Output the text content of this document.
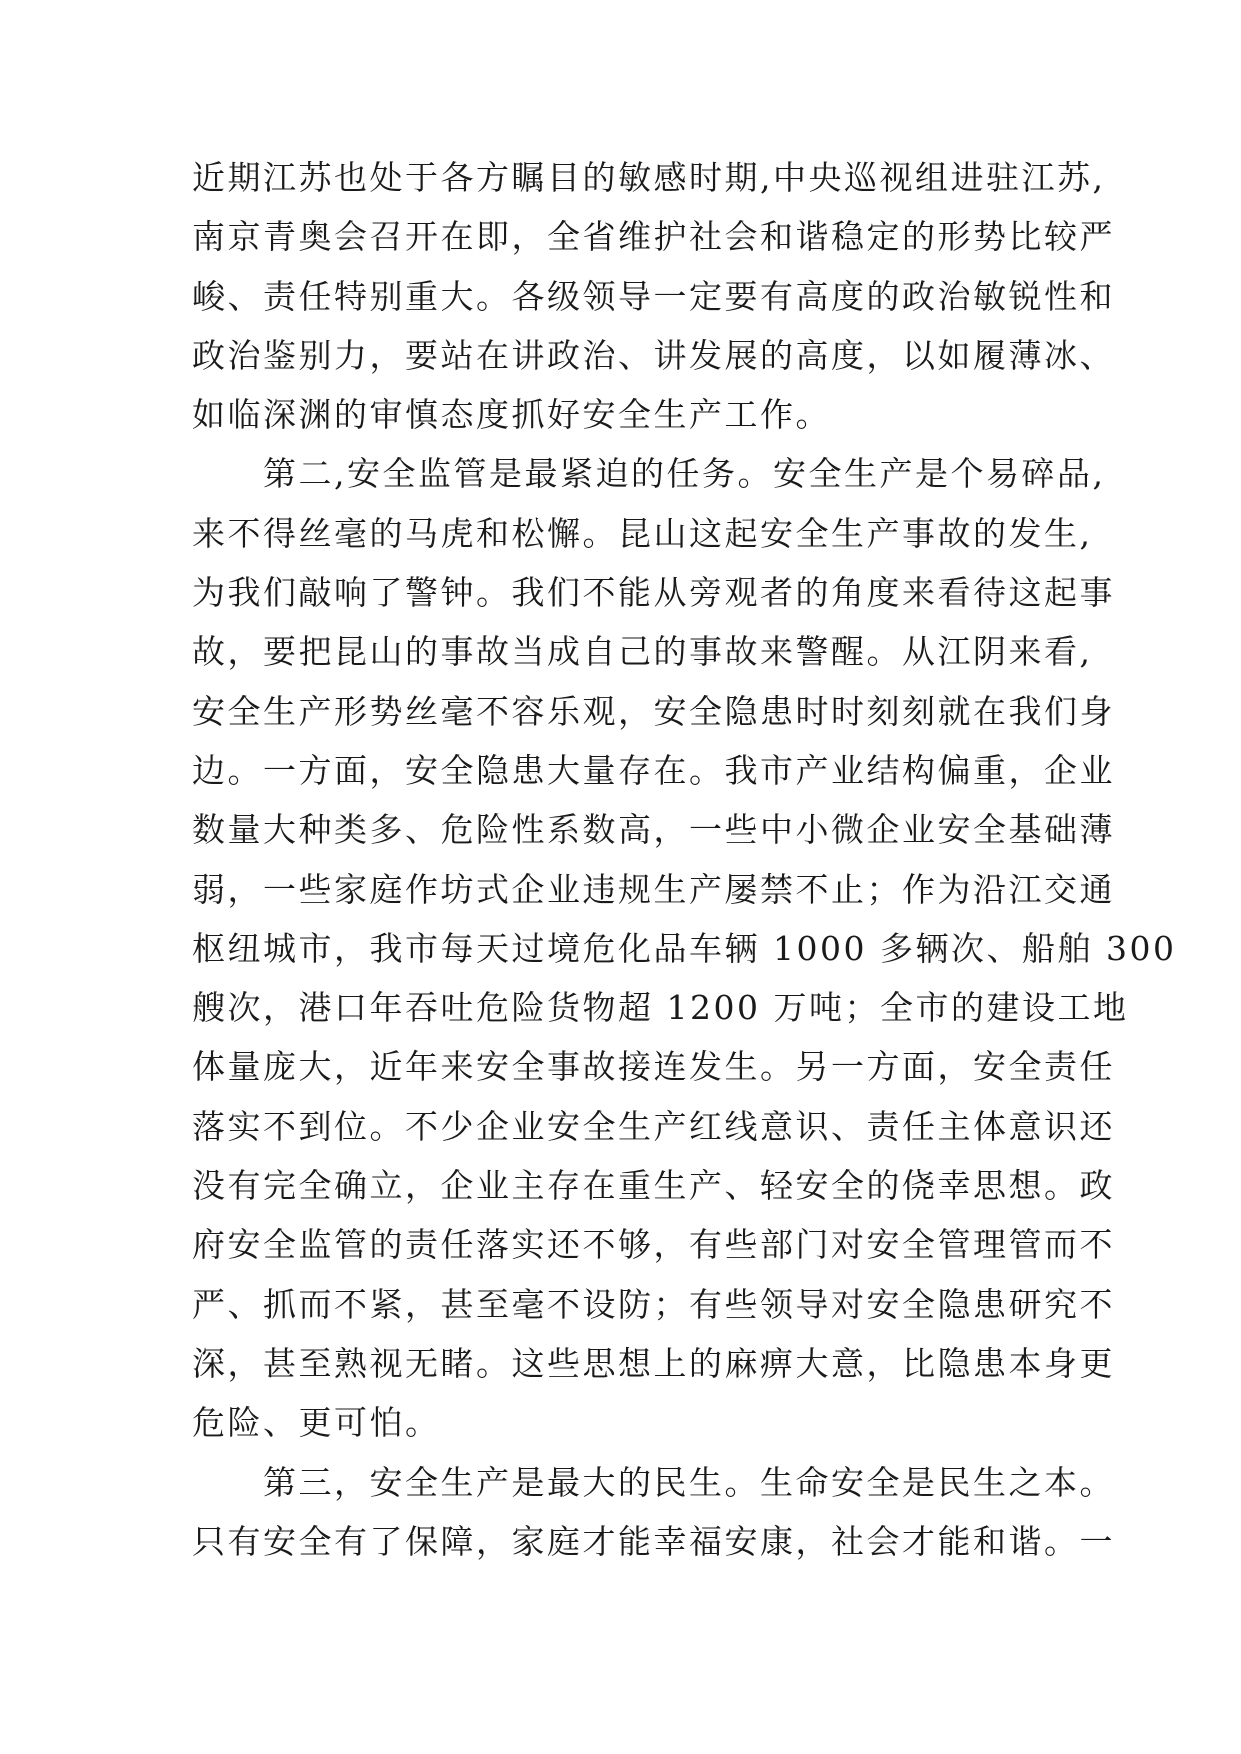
近期江苏也处于各方瞩目的敏感时期,中央巡视组进驻江苏,
南京青奥会召开在即，全省维护社会和谐稳定的形势比较严
峻、责任特别重大。各级领导一定要有高度的政治敏锐性和
政治鉴别力，要站在讲政治、讲发展的高度，以如履薄冰、
如临深渊的审慎态度抓好安全生产工作。
　　第二,安全监管是最紧迫的任务。安全生产是个易碎品,
来不得丝毫的马虎和松懈。昆山这起安全生产事故的发生,
为我们敲响了警钟。我们不能从旁观者的角度来看待这起事
故，要把昆山的事故当成自己的事故来警醒。从江阴来看,
安全生产形势丝毫不容乐观，安全隐患时时刻刻就在我们身
边。一方面，安全隐患大量存在。我市产业结构偏重，企业
数量大种类多、危险性系数高，一些中小微企业安全基础薄
弱，一些家庭作坊式企业违规生产屡禁不止；作为沿江交通
枢纽城市，我市每天过境危化品车辆 1000 多辆次、船舶 300
艘次，港口年吞吐危险货物超 1200 万吨；全市的建设工地
体量庞大，近年来安全事故接连发生。另一方面，安全责任
落实不到位。不少企业安全生产红线意识、责任主体意识还
没有完全确立，企业主存在重生产、轻安全的侥幸思想。政
府安全监管的责任落实还不够，有些部门对安全管理管而不
严、抓而不紧，甚至毫不设防；有些领导对安全隐患研究不
深，甚至熟视无睹。这些思想上的麻痹大意，比隐患本身更
危险、更可怕。
　　第三，安全生产是最大的民生。生命安全是民生之本。
只有安全有了保障，家庭才能幸福安康，社会才能和谐。一
